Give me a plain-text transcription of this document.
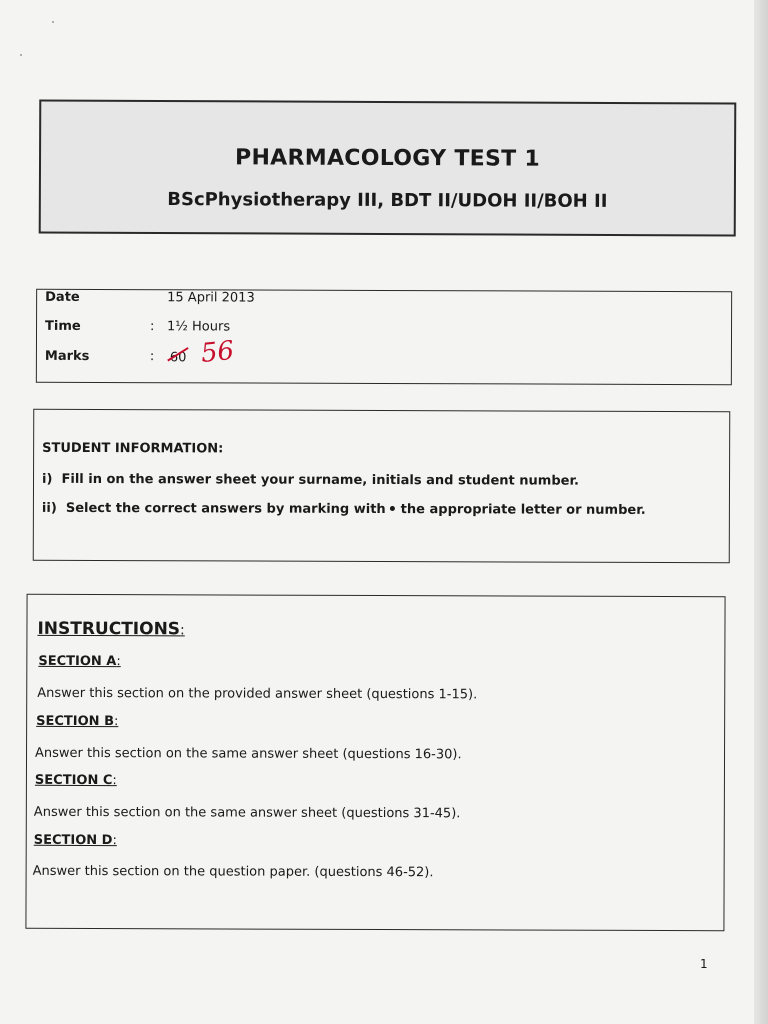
PHARMACOLOGY TEST 1
BScPhysiotherapy III, BDT II/UDOH II/BOH II
Date	15 April 2013
Time	: 1½ Hours
Marks	: 60 56
STUDENT INFORMATION:
i) Fill in on the answer sheet your surname, initials and student number.
ii) Select the correct answers by marking with the appropriate letter or number.
INSTRUCTIONS:
SECTION A:
Answer this section on the provided answer sheet (questions 1-15).
SECTION B:
Answer this section on the same answer sheet (questions 16-30).
SECTION C:
Answer this section on the same answer sheet (questions 31-45).
SECTION D:
Answer this section on the question paper. (questions 46-52).
1
